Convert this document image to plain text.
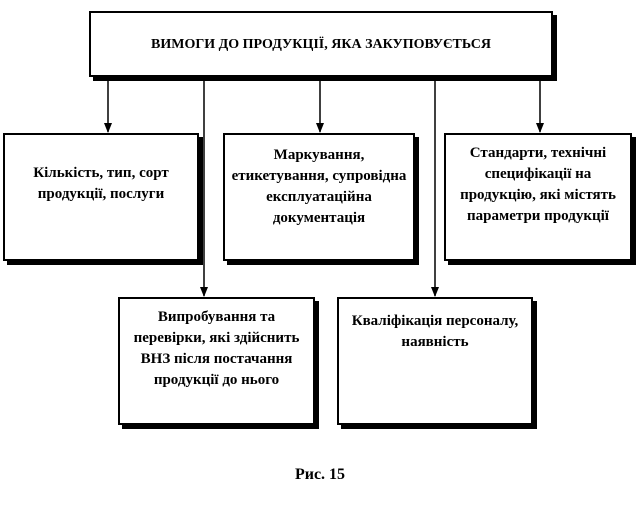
ВИМОГИ ДО ПРОДУКЦІЇ, ЯКА ЗАКУПОВУЄТЬСЯ
Кількість, тип, сорт продукції, послуги
Маркування, етикетування, супровідна експлуатаційна документація
Стандарти, технічні специфікації на продукцію, які містять параметри продукції
Випробування та перевірки, які здійснить ВНЗ після постачання продукції до нього
Кваліфікація персоналу, наявність
Рис. 15
